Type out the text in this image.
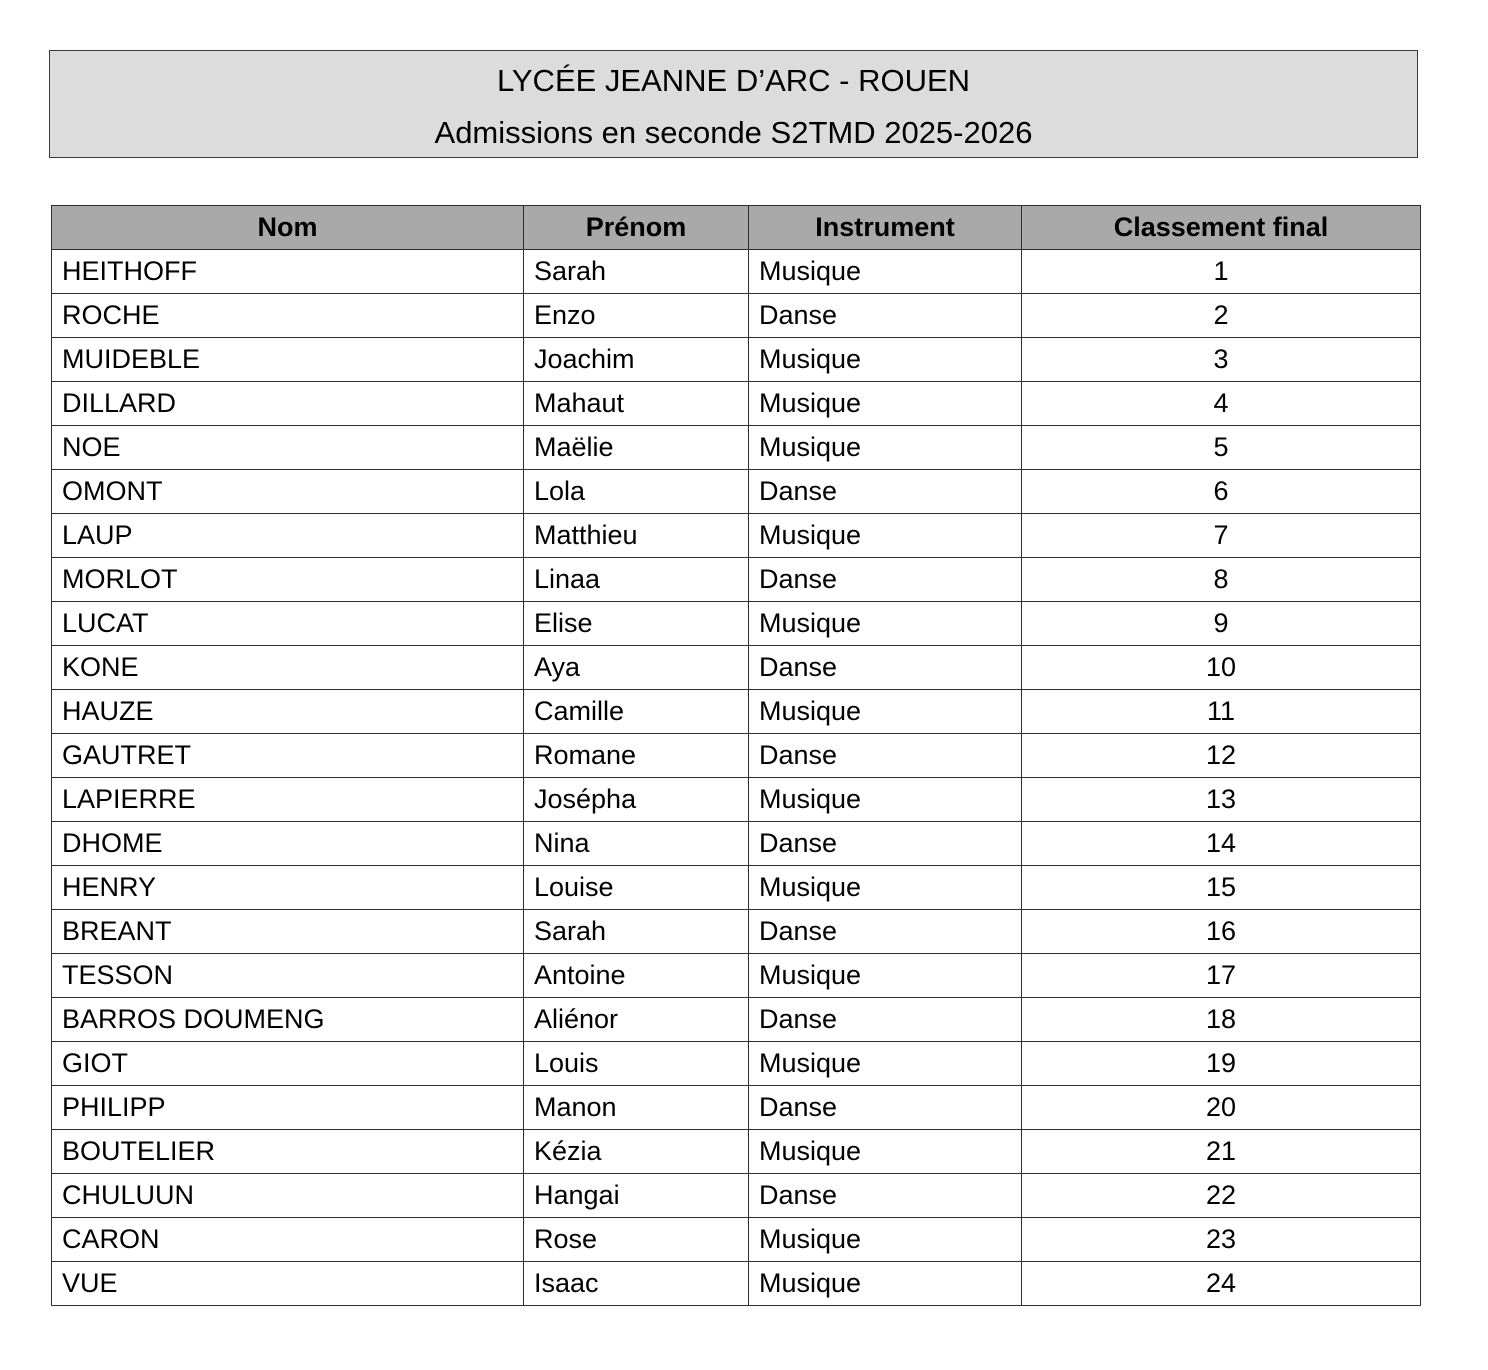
LYCÉE JEANNE D’ARC - ROUEN
Admissions en seconde S2TMD 2025-2026
Nom	Prénom	Instrument	Classement final
HEITHOFF	Sarah	Musique	1
ROCHE	Enzo	Danse	2
MUIDEBLE	Joachim	Musique	3
DILLARD	Mahaut	Musique	4
NOE	Maëlie	Musique	5
OMONT	Lola	Danse	6
LAUP	Matthieu	Musique	7
MORLOT	Linaa	Danse	8
LUCAT	Elise	Musique	9
KONE	Aya	Danse	10
HAUZE	Camille	Musique	11
GAUTRET	Romane	Danse	12
LAPIERRE	Josépha	Musique	13
DHOME	Nina	Danse	14
HENRY	Louise	Musique	15
BREANT	Sarah	Danse	16
TESSON	Antoine	Musique	17
BARROS DOUMENG	Aliénor	Danse	18
GIOT	Louis	Musique	19
PHILIPP	Manon	Danse	20
BOUTELIER	Kézia	Musique	21
CHULUUN	Hangai	Danse	22
CARON	Rose	Musique	23
VUE	Isaac	Musique	24
